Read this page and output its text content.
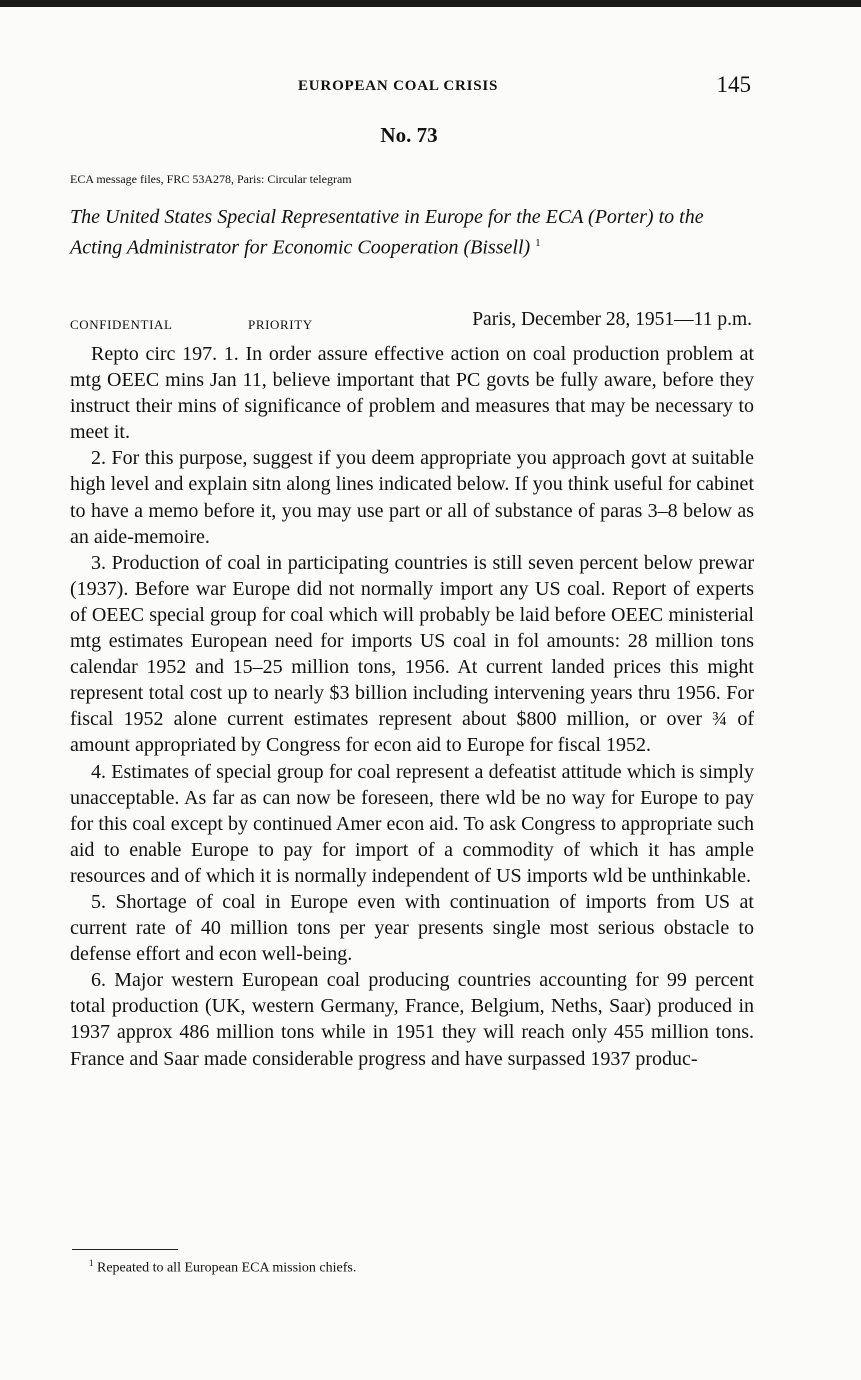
EUROPEAN COAL CRISIS	145
No. 73
ECA message files, FRC 53A278, Paris: Circular telegram
The United States Special Representative in Europe for the ECA (Porter) to the Acting Administrator for Economic Cooperation (Bissell) $^1$
CONFIDENTIAL	PRIORITY	Paris, December 28, 1951—11 p.m.

Repto circ 197. 1. In order assure effective action on coal production problem at mtg OEEC mins Jan 11, believe important that PC govts be fully aware, before they instruct their mins of significance of problem and measures that may be necessary to meet it.

2. For this purpose, suggest if you deem appropriate you approach govt at suitable high level and explain sitn along lines indicated below. If you think useful for cabinet to have a memo before it, you may use part or all of substance of paras 3–8 below as an aide-memoire.

3. Production of coal in participating countries is still seven percent below prewar (1937). Before war Europe did not normally import any US coal. Report of experts of OEEC special group for coal which will probably be laid before OEEC ministerial mtg estimates European need for imports US coal in fol amounts: 28 million tons calendar 1952 and 15–25 million tons, 1956. At current landed prices this might represent total cost up to nearly $3 billion including intervening years thru 1956. For fiscal 1952 alone current estimates represent about $800 million, or over ¾ of amount appropriated by Congress for econ aid to Europe for fiscal 1952.

4. Estimates of special group for coal represent a defeatist attitude which is simply unacceptable. As far as can now be foreseen, there wld be no way for Europe to pay for this coal except by continued Amer econ aid. To ask Congress to appropriate such aid to enable Europe to pay for import of a commodity of which it has ample resources and of which it is normally independent of US imports wld be unthinkable.

5. Shortage of coal in Europe even with continuation of imports from US at current rate of 40 million tons per year presents single most serious obstacle to defense effort and econ well-being.

6. Major western European coal producing countries accounting for 99 percent total production (UK, western Germany, France, Belgium, Neths, Saar) produced in 1937 approx 486 million tons while in 1951 they will reach only 455 million tons. France and Saar made considerable progress and have surpassed 1937 produc-

$^1$ Repeated to all European ECA mission chiefs.
